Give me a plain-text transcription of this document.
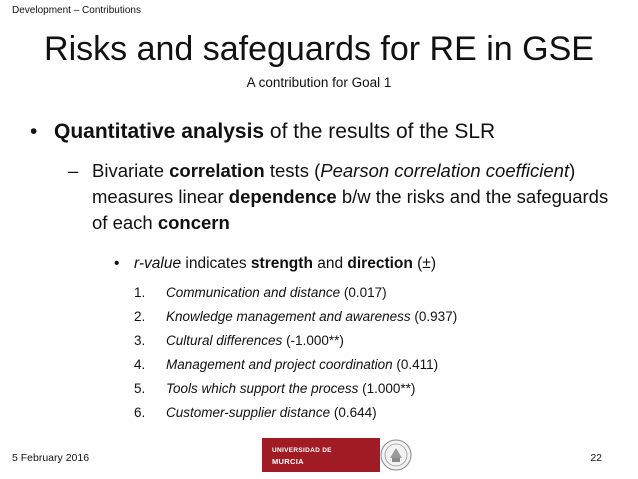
Development – Contributions
Risks and safeguards for RE in GSE
A contribution for Goal 1
• Quantitative analysis of the results of the SLR
– Bivariate correlation tests (Pearson correlation coefficient) measures linear dependence b/w the risks and the safeguards of each concern
• r-value indicates strength and direction (±)
1. Communication and distance (0.017)
2. Knowledge management and awareness (0.937)
3. Cultural differences (-1.000**)
4. Management and project coordination (0.411)
5. Tools which support the process (1.000**)
6. Customer-supplier distance (0.644)
5 February 2016	22
UNIVERSIDAD DE
MURCIA
